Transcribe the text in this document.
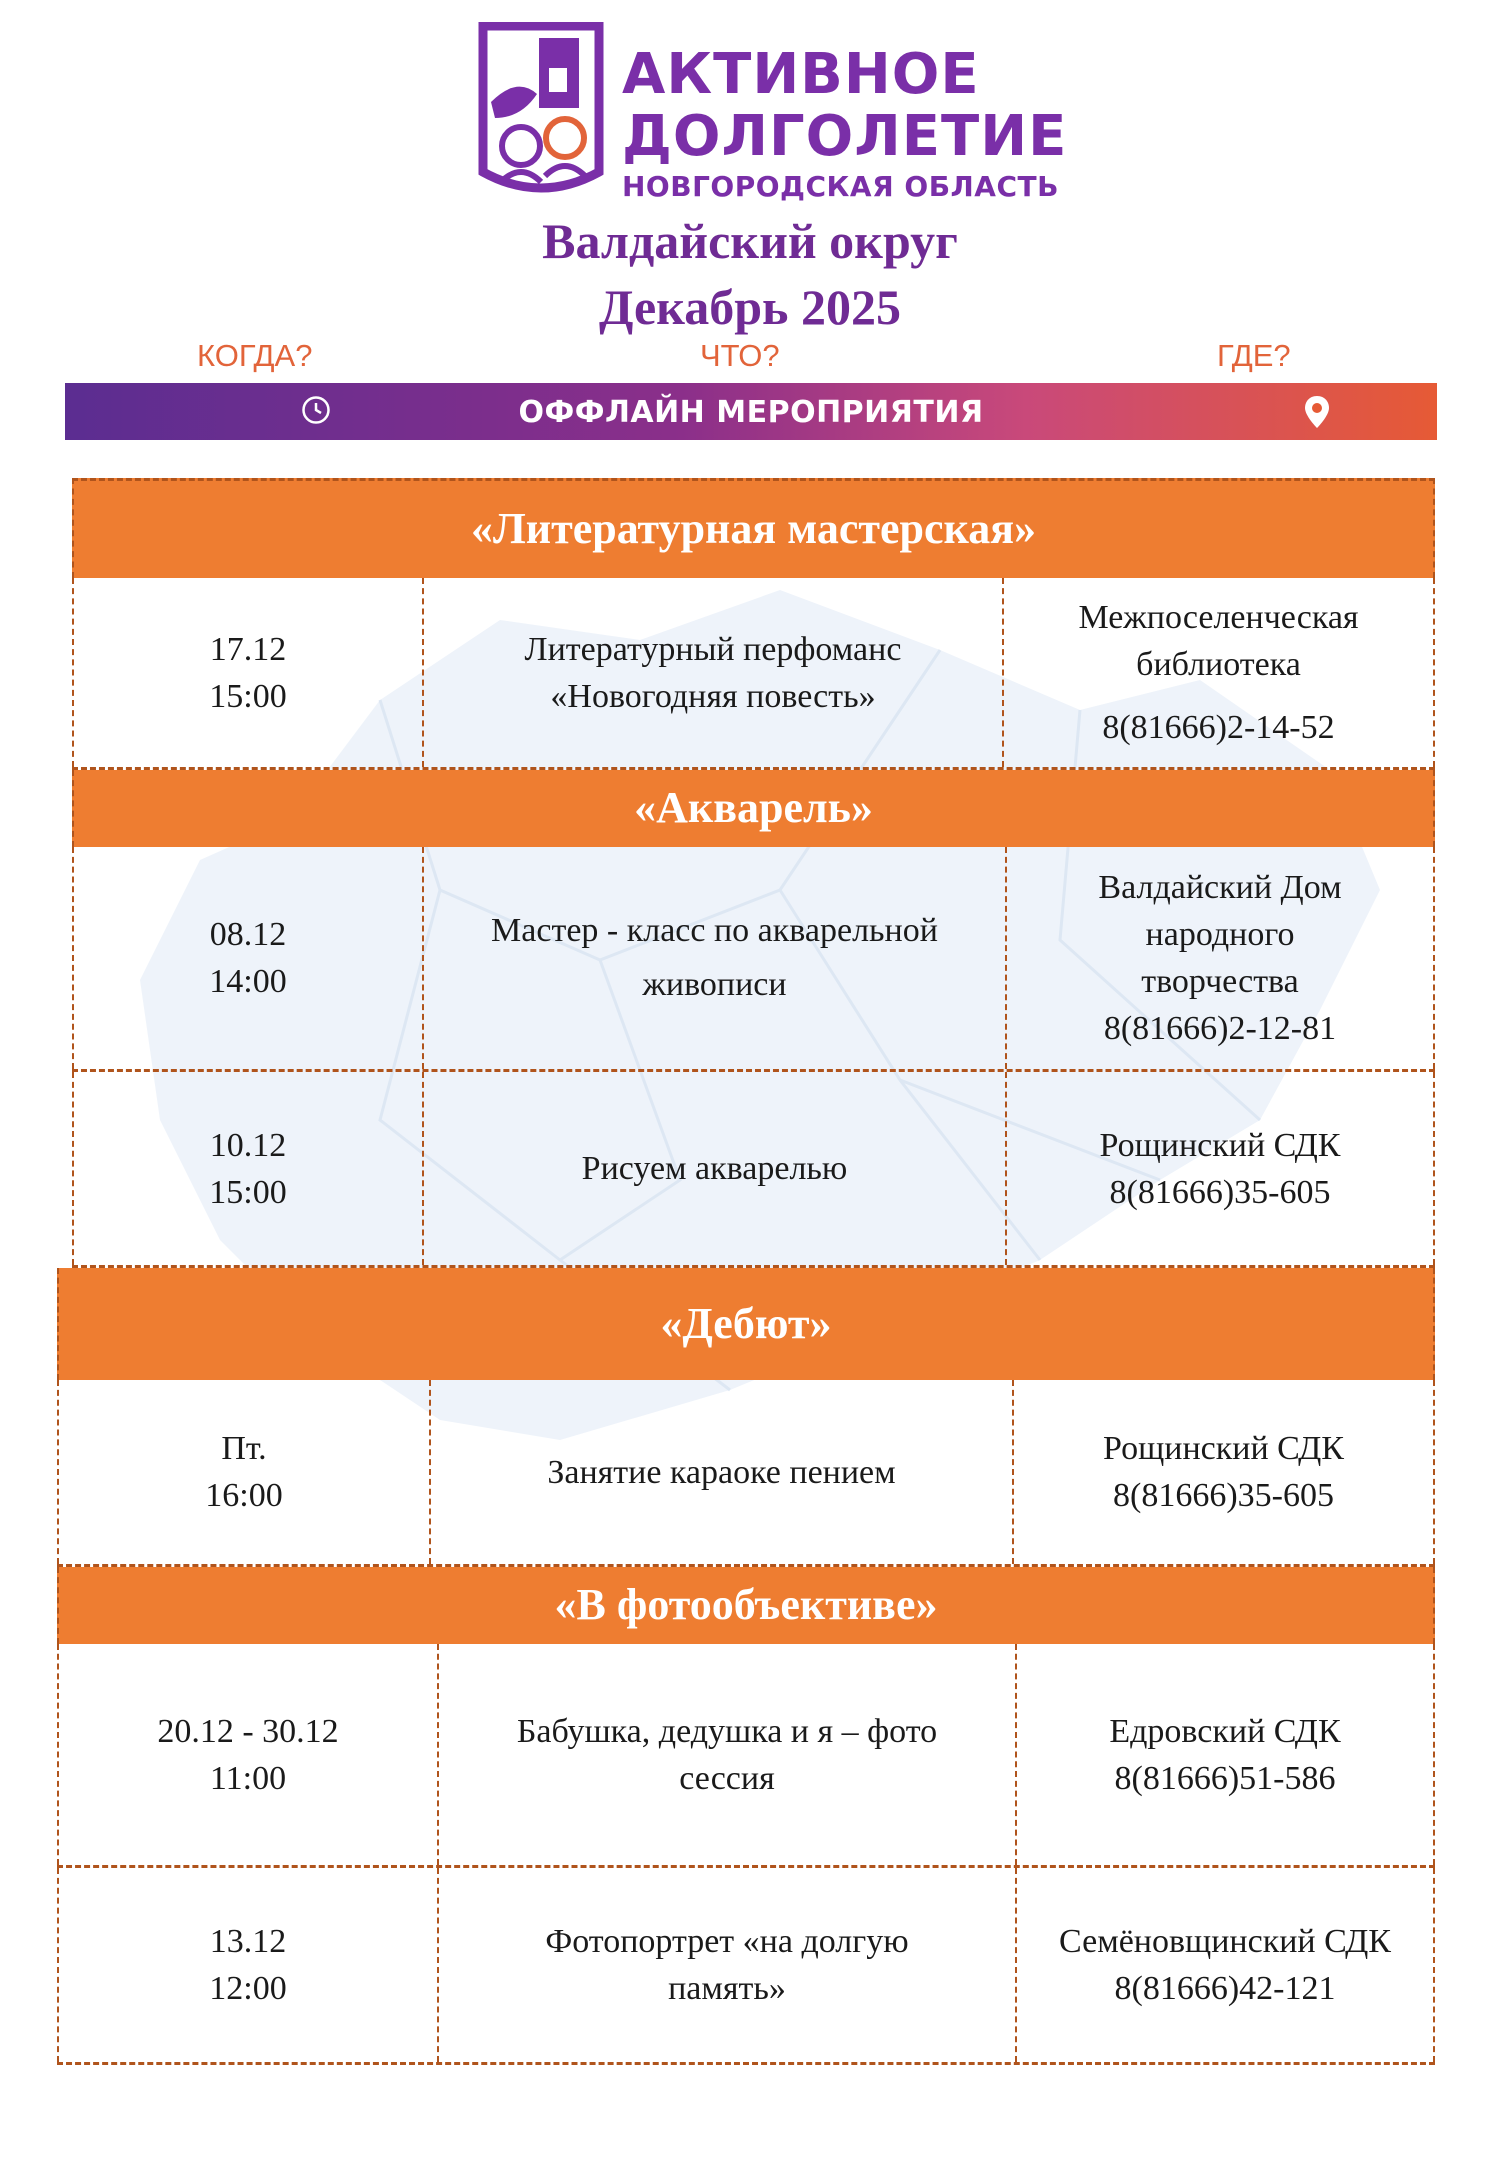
АКТИВНОЕ
ДОЛГОЛЕТИЕ
НОВГОРОДСКАЯ ОБЛАСТЬ
Валдайский округ
Декабрь 2025
КОГДА?	ЧТО?	ГДЕ?
ОФФЛАЙН МЕРОПРИЯТИЯ
«Литературная мастерская»
17.12
15:00
Литературный перфоманс «Новогодняя повесть»
Межпоселенческая библиотека
8(81666)2-14-52
«Акварель»
08.12
14:00
Мастер - класс по акварельной живописи
Валдайский Дом народного творчества
8(81666)2-12-81
10.12
15:00
Рисуем акварелью
Рощинский СДК
8(81666)35-605
«Дебют»
Пт.
16:00
Занятие караоке пением
Рощинский СДК
8(81666)35-605
«В фотообъективе»
20.12 - 30.12
11:00
Бабушка, дедушка и я – фото сессия
Едровский СДК
8(81666)51-586
13.12
12:00
Фотопортрет «на долгую память»
Семёновщинский СДК
8(81666)42-121
